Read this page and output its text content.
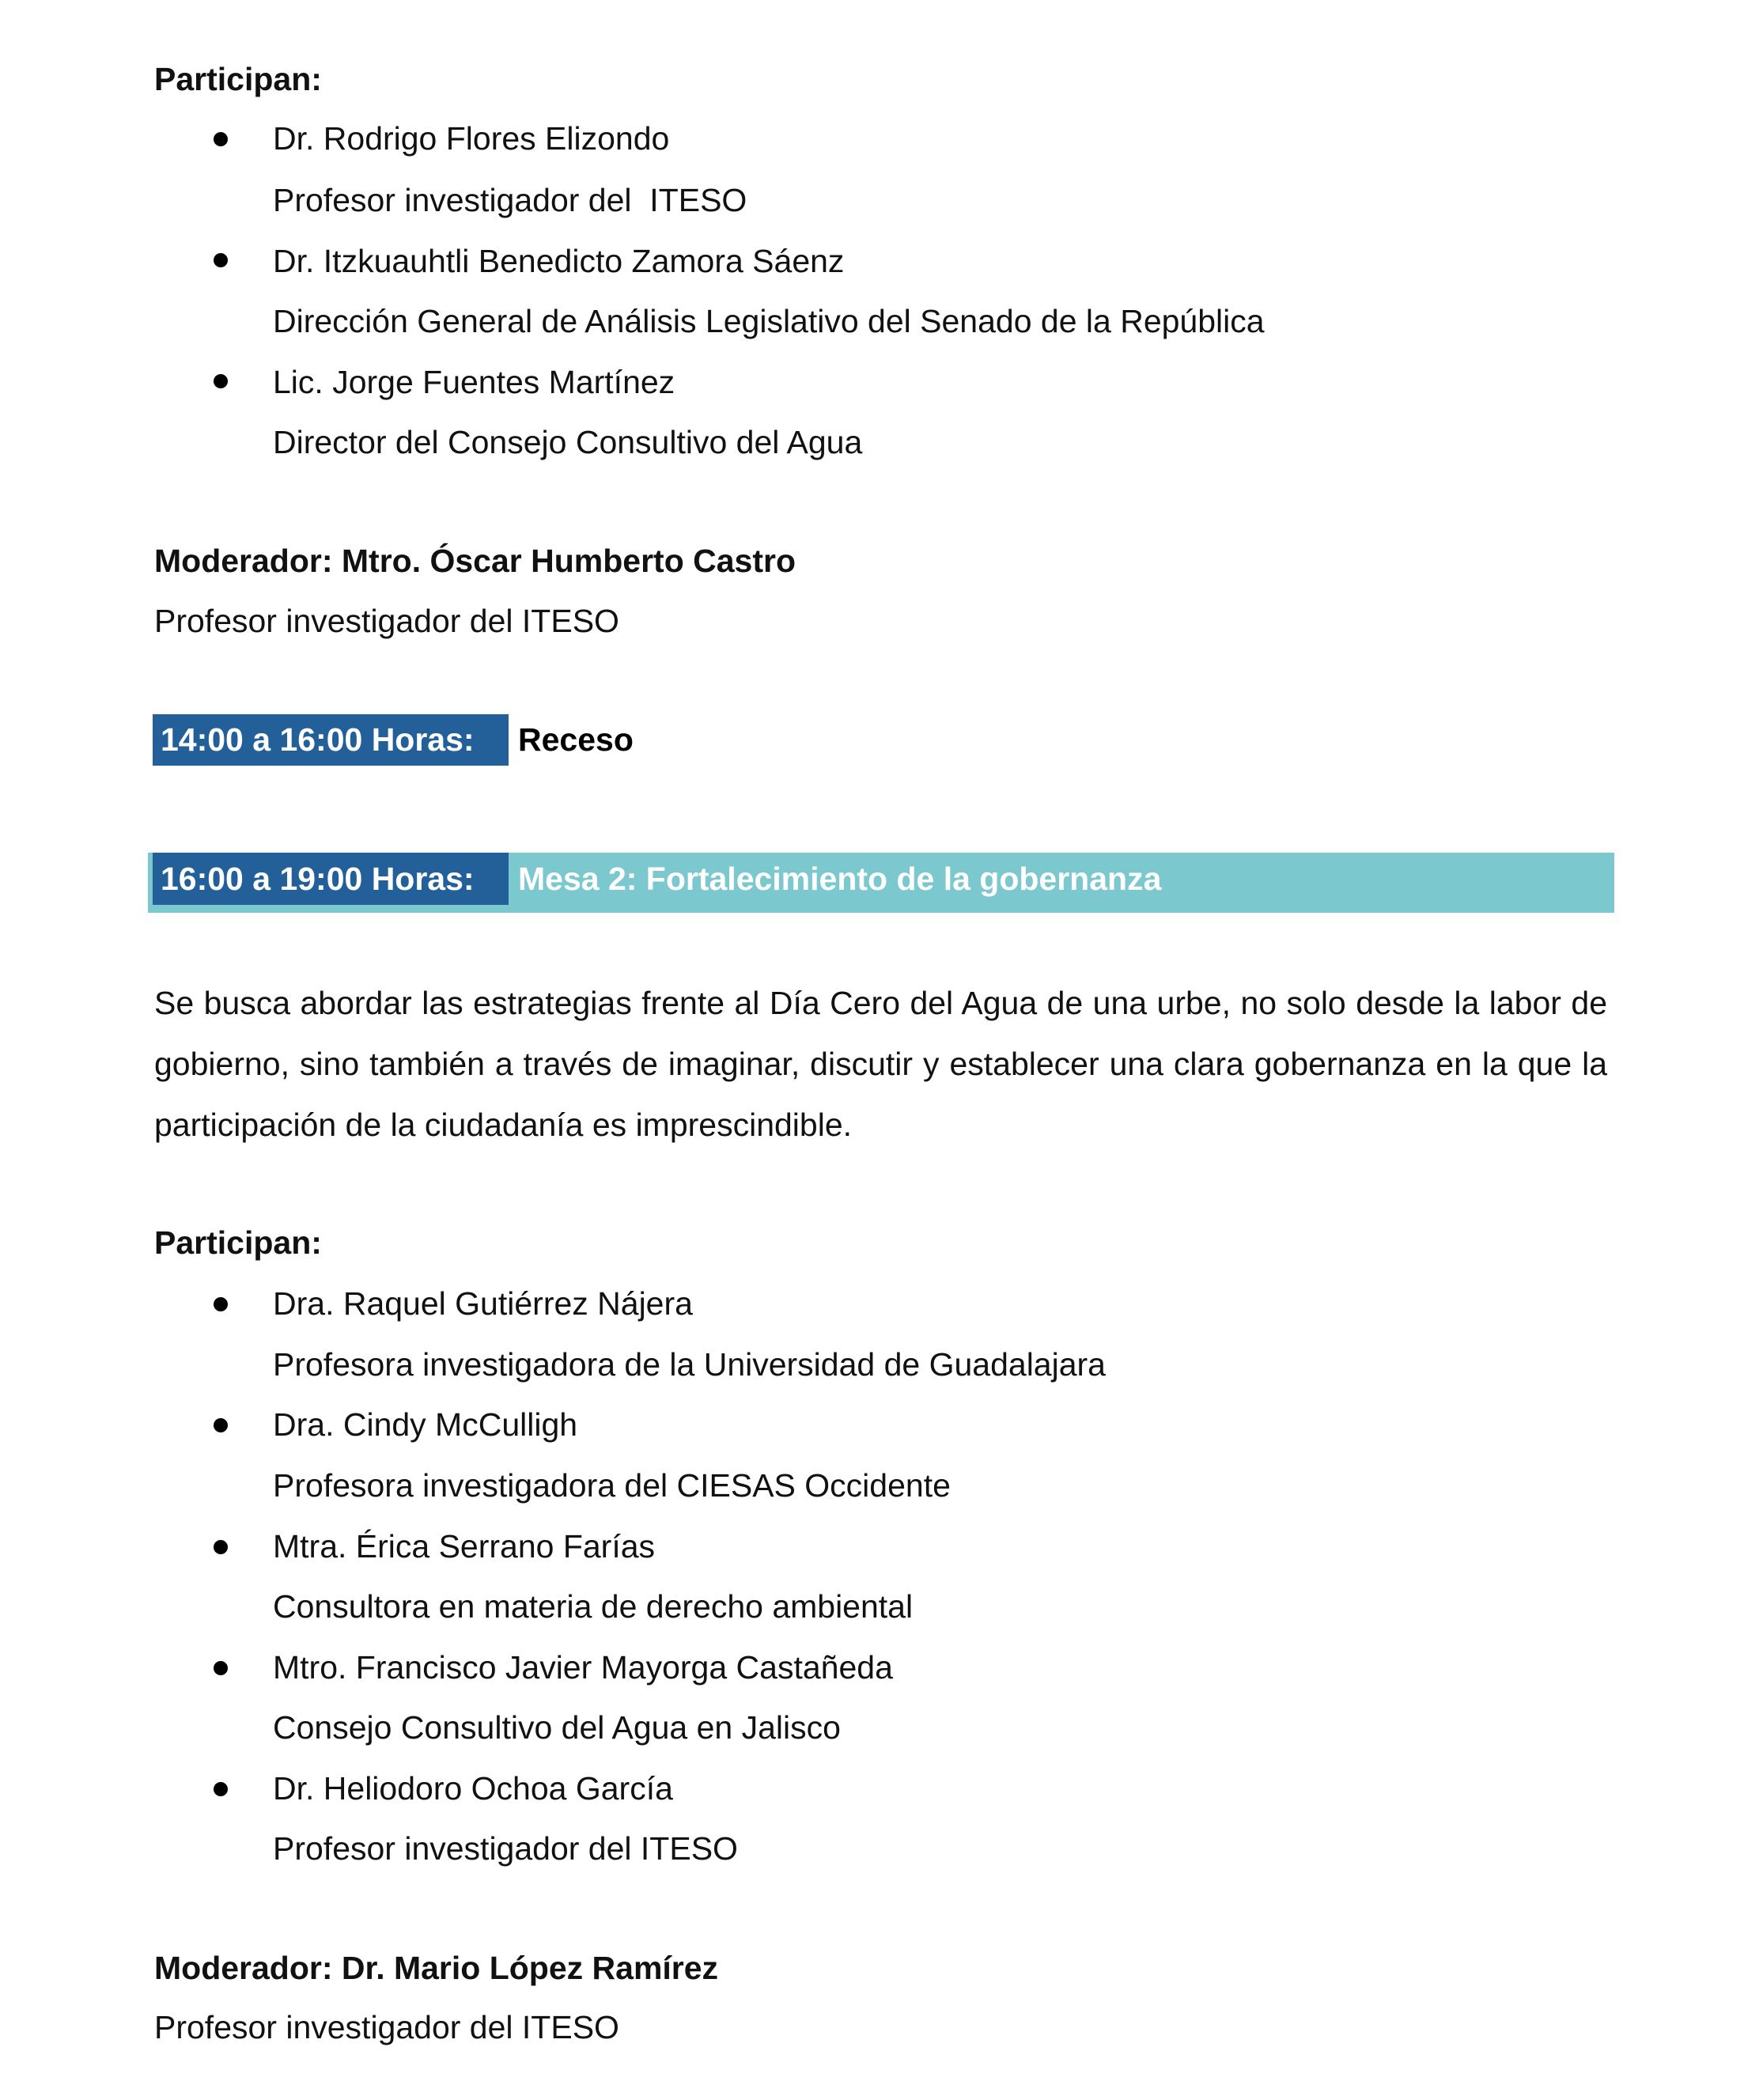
Participan:
Dr. Rodrigo Flores Elizondo
Profesor investigador del  ITESO
Dr. Itzkuauhtli Benedicto Zamora Sáenz
Dirección General de Análisis Legislativo del Senado de la República
Lic. Jorge Fuentes Martínez
Director del Consejo Consultivo del Agua
Moderador: Mtro. Óscar Humberto Castro
Profesor investigador del ITESO
14:00 a 16:00 Horas:	Receso
16:00 a 19:00 Horas:	Mesa 2: Fortalecimiento de la gobernanza
Se busca abordar las estrategias frente al Día Cero del Agua de una urbe, no solo desde la labor de gobierno, sino también a través de imaginar, discutir y establecer una clara gobernanza en la que la participación de la ciudadanía es imprescindible.
Participan:
Dra. Raquel Gutiérrez Nájera
Profesora investigadora de la Universidad de Guadalajara
Dra. Cindy McCulligh
Profesora investigadora del CIESAS Occidente
Mtra. Érica Serrano Farías
Consultora en materia de derecho ambiental
Mtro. Francisco Javier Mayorga Castañeda
Consejo Consultivo del Agua en Jalisco
Dr. Heliodoro Ochoa García
Profesor investigador del ITESO
Moderador: Dr. Mario López Ramírez
Profesor investigador del ITESO
